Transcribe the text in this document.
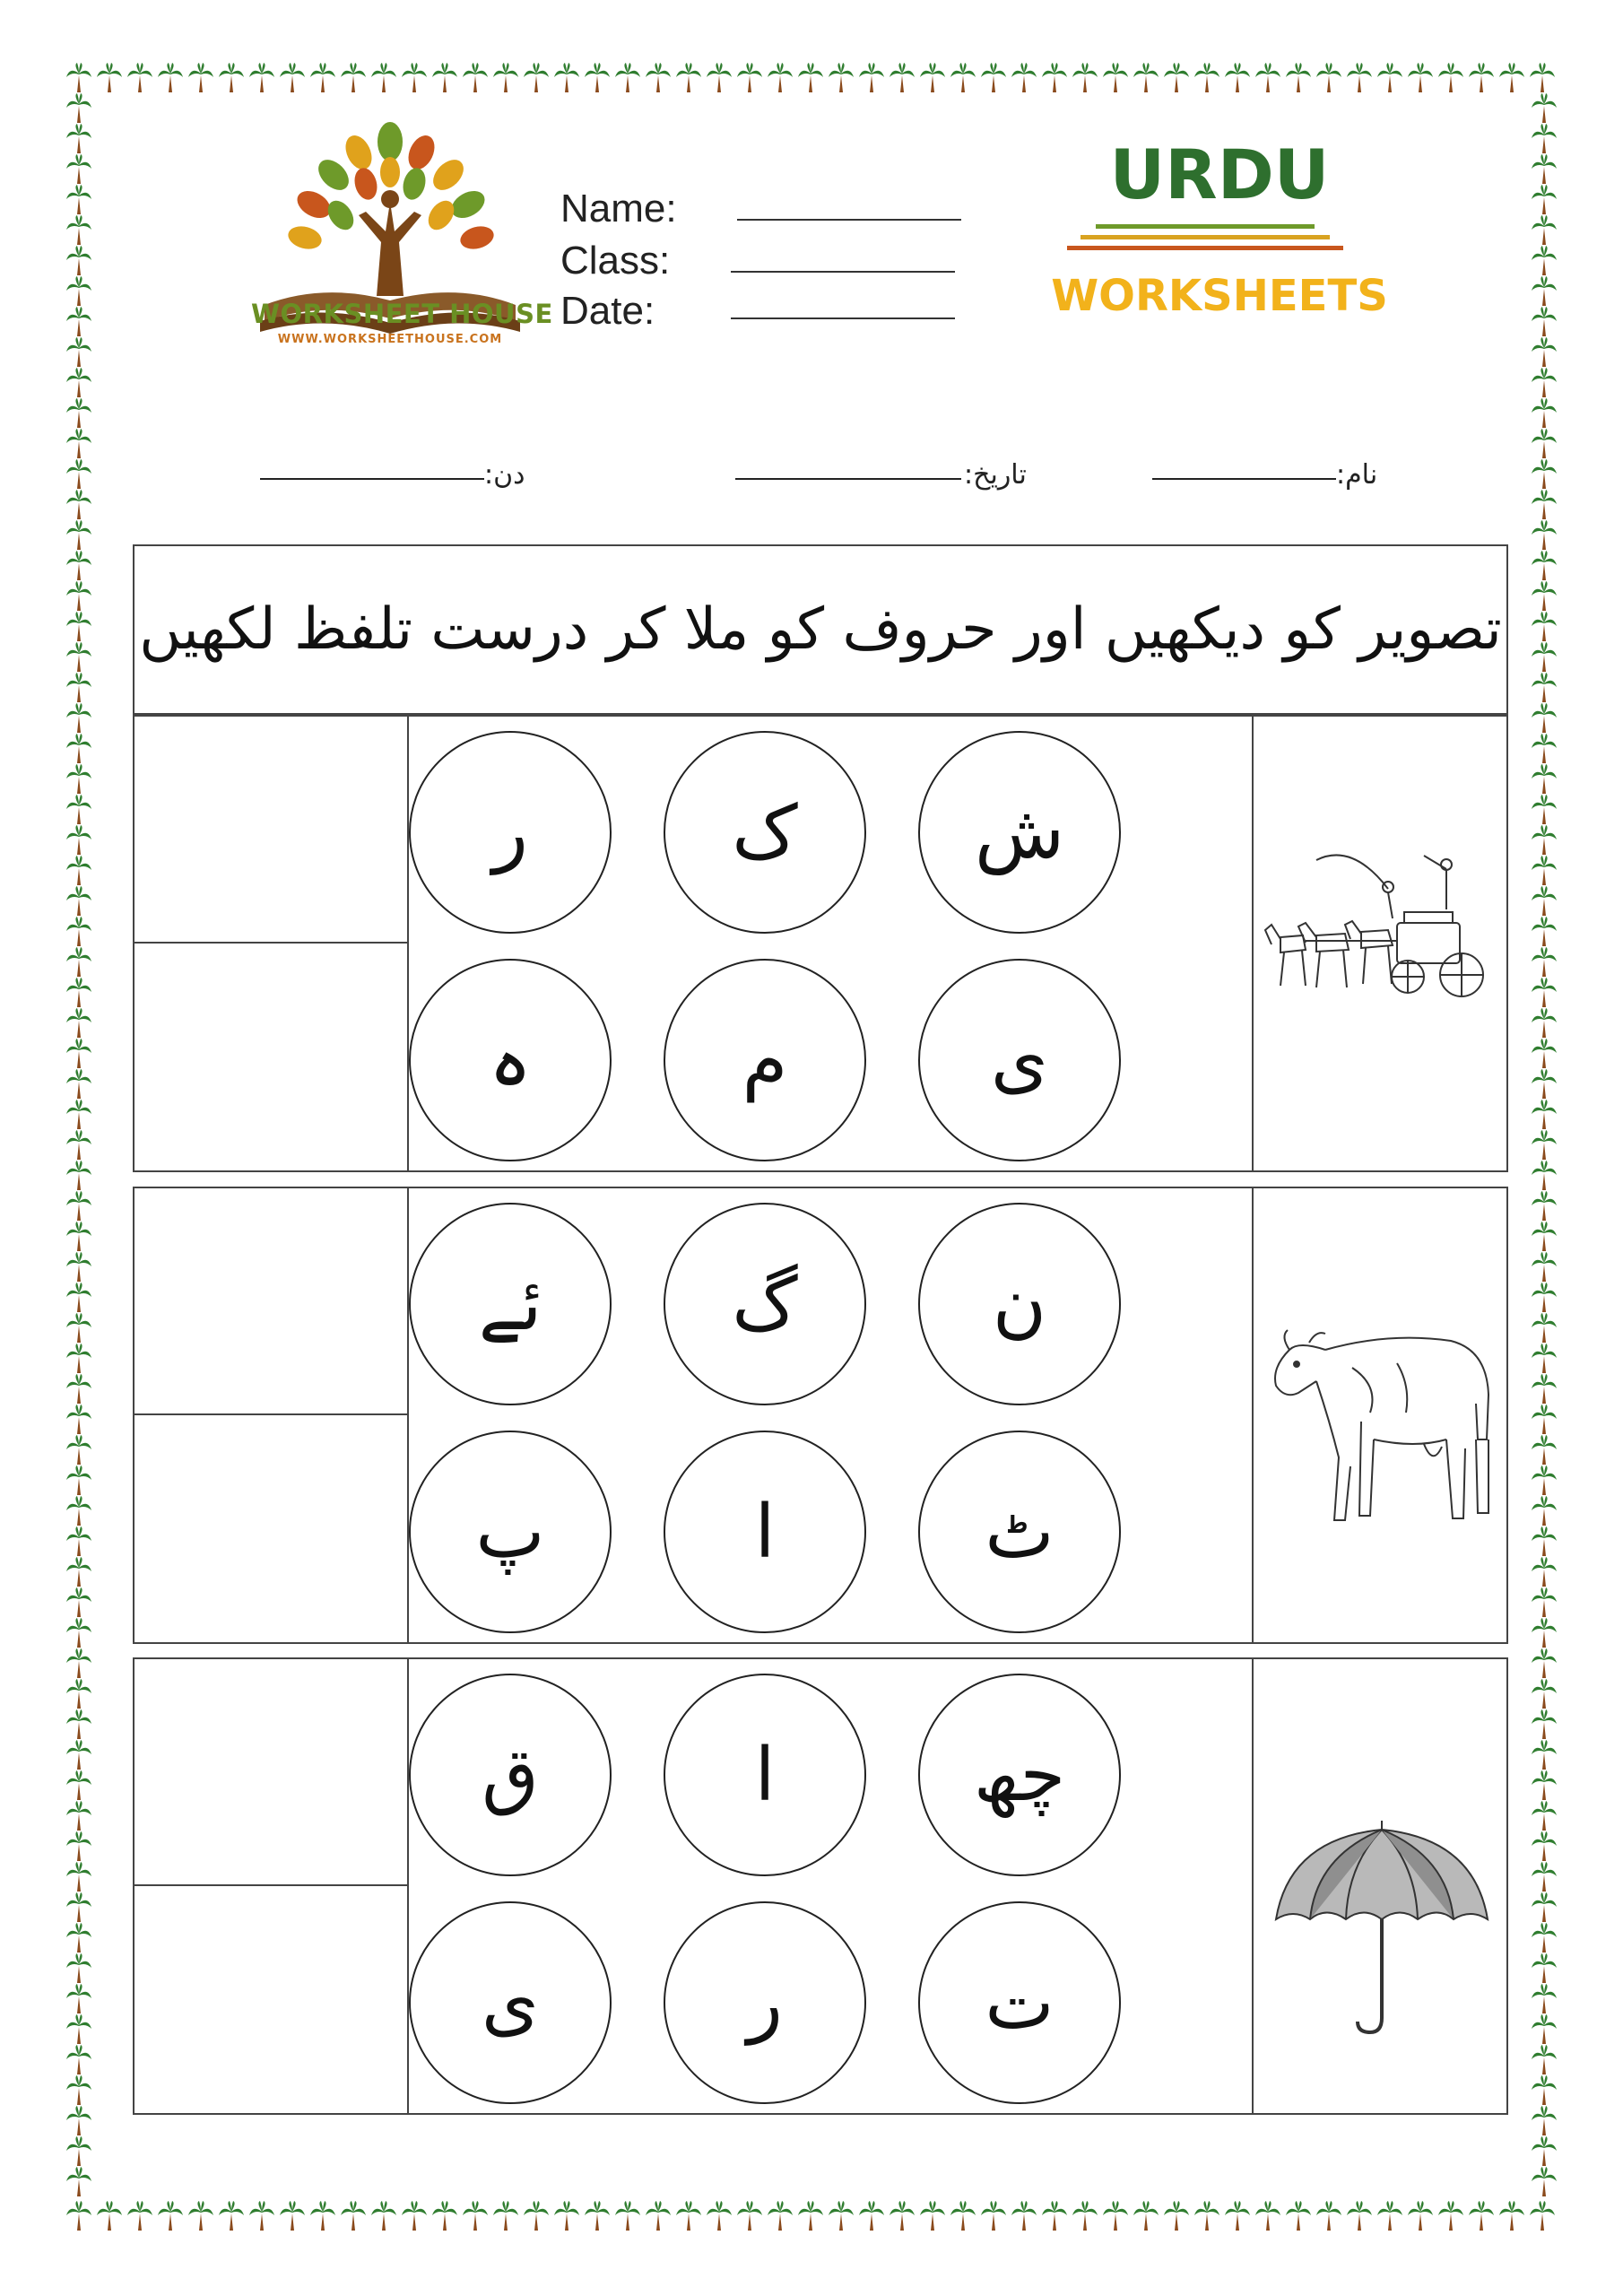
WORKSHEET HOUSE
WWW.WORKSHEETHOUSE.COM
Name:
Class:
Date:
URDU
WORKSHEETS
نام:
تاریخ:
دن:
تصویر کو دیکھیں اور حروف کو ملا کر درست تلفظ لکھیں
ر	ک	ش
ہ	م	ی
ئے	گ	ن
پ	ا	ٹ
ق	ا	چھ
ی	ر	ت
